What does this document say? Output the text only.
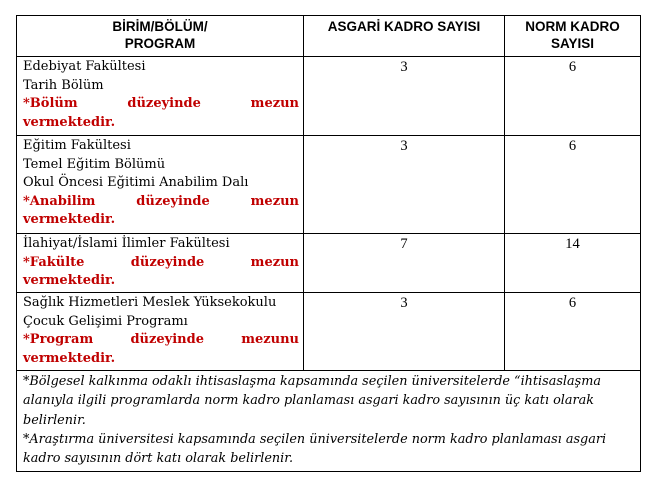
BİRİM/BÖLÜM/
PROGRAM	ASGARİ KADRO SAYISI	NORM KADRO
SAYISI

Edebiyat Fakültesi
Tarih Bölüm
*Bölüm düzeyinde mezun vermektedir.	3	6

Eğitim Fakültesi
Temel Eğitim Bölümü
Okul Öncesi Eğitimi Anabilim Dalı
*Anabilim düzeyinde mezun vermektedir.	3	6

İlahiyat/İslami İlimler Fakültesi
*Fakülte düzeyinde mezun vermektedir.	7	14

Sağlık Hizmetleri Meslek Yüksekokulu
Çocuk Gelişimi Programı
*Program düzeyinde mezunu vermektedir.	3	6

*Bölgesel kalkınma odaklı ihtisaslaşma kapsamında seçilen üniversitelerde “ihtisaslaşma alanıyla ilgili programlarda norm kadro planlaması asgari kadro sayısının üç katı olarak belirlenir.
*Araştırma üniversitesi kapsamında seçilen üniversitelerde norm kadro planlaması asgari kadro sayısının dört katı olarak belirlenir.		
